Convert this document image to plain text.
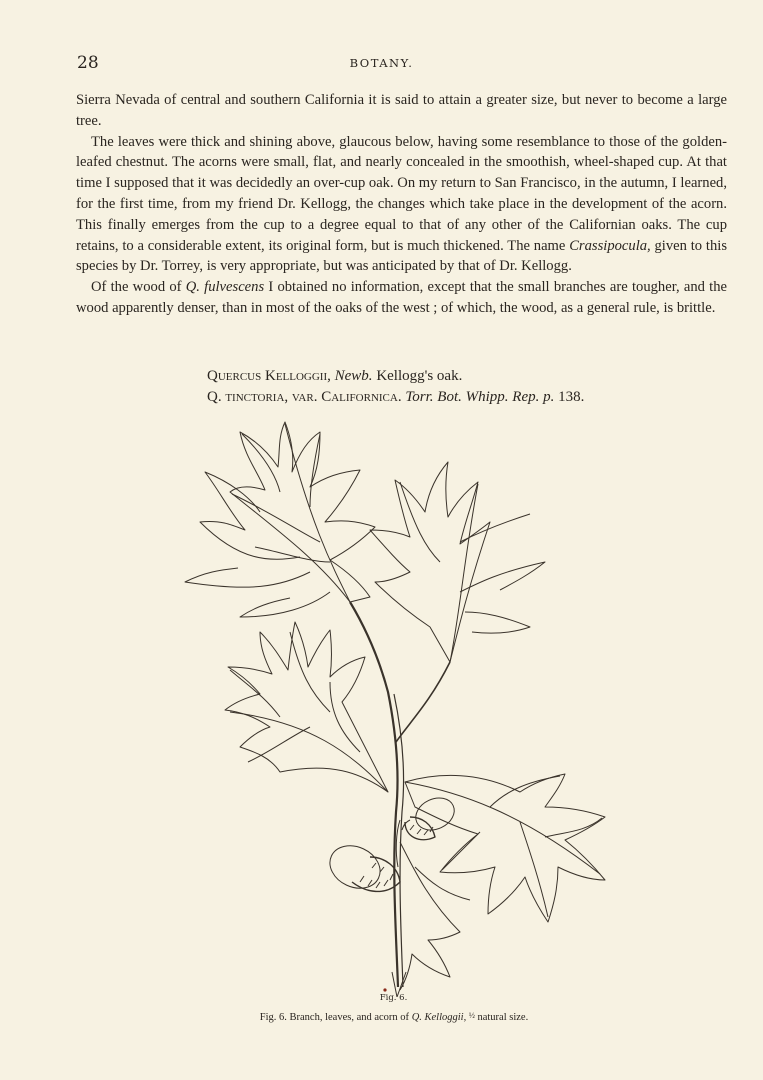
28	BOTANY.

Sierra Nevada of central and southern California it is said to attain a greater size, but never to become a large tree.

The leaves were thick and shining above, glaucous below, having some resemblance to those of the golden-leafed chestnut. The acorns were small, flat, and nearly concealed in the smoothish, wheel-shaped cup. At that time I supposed that it was decidedly an over-cup oak. On my return to San Francisco, in the autumn, I learned, for the first time, from my friend Dr. Kellogg, the changes which take place in the development of the acorn. This finally emerges from the cup to a degree equal to that of any other of the Californian oaks. The cup retains, to a considerable extent, its original form, but is much thickened. The name Crassipocula, given to this species by Dr. Torrey, is very appropriate, but was anticipated by that of Dr. Kellogg.

Of the wood of Q. fulvescens I obtained no information, except that the small branches are tougher, and the wood apparently denser, than in most of the oaks of the west ; of which, the wood, as a general rule, is brittle.

Quercus Kelloggii, Newb. Kellogg's oak.
Q. tinctoria, var. Californica. Torr. Bot. Whipp. Rep. p. 138.
Fig. 6.
Fig. 6. Branch, leaves, and acorn of Q. Kelloggii, ½ natural size.
